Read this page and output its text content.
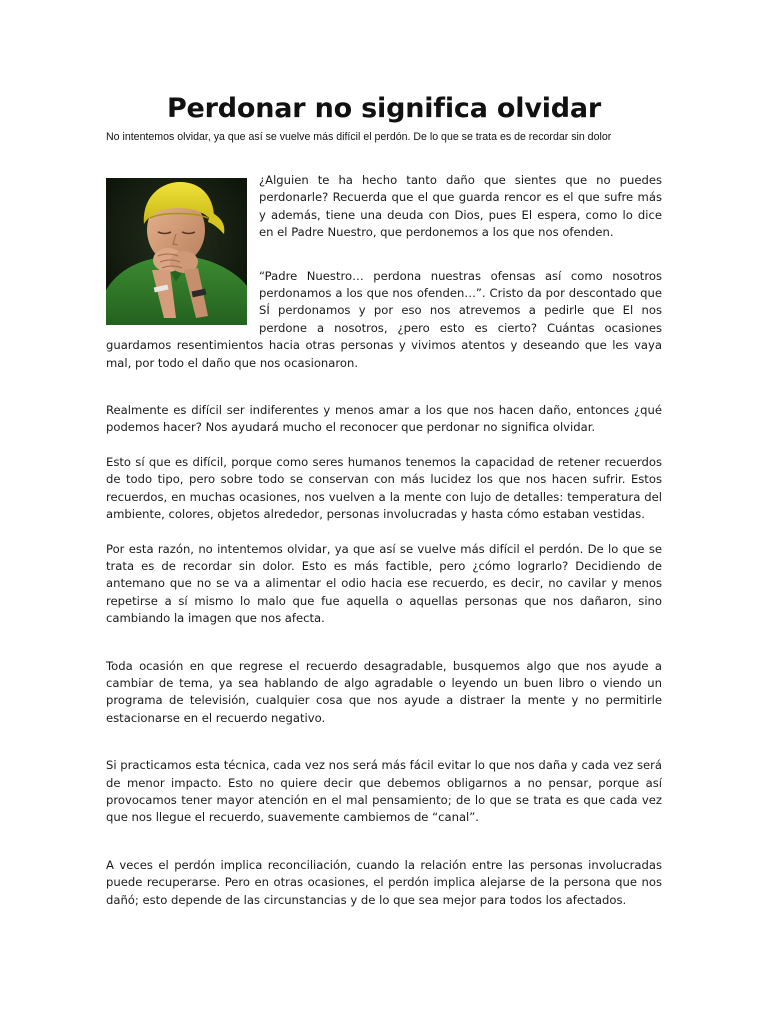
Perdonar no significa olvidar
No intentemos olvidar, ya que así se vuelve más difícil el perdón. De lo que se trata es de recordar sin dolor

¿Alguien te ha hecho tanto daño que sientes que no puedes perdonarle? Recuerda que el que guarda rencor es el que sufre más y además, tiene una deuda con Dios, pues El espera, como lo dice en el Padre Nuestro, que perdonemos a los que nos ofenden.

“Padre Nuestro… perdona nuestras ofensas así como nosotros perdonamos a los que nos ofenden…”. Cristo da por descontado que SÍ perdonamos y por eso nos atrevemos a pedirle que El nos perdone a nosotros, ¿pero esto es cierto? Cuántas ocasiones guardamos resentimientos hacia otras personas y vivimos atentos y deseando que les vaya mal, por todo el daño que nos ocasionaron.

Realmente es difícil ser indiferentes y menos amar a los que nos hacen daño, entonces ¿qué podemos hacer? Nos ayudará mucho el reconocer que perdonar no significa olvidar.

Esto sí que es difícil, porque como seres humanos tenemos la capacidad de retener recuerdos de todo tipo, pero sobre todo se conservan con más lucidez los que nos hacen sufrir. Estos recuerdos, en muchas ocasiones, nos vuelven a la mente con lujo de detalles: temperatura del ambiente, colores, objetos alrededor, personas involucradas y hasta cómo estaban vestidas.

Por esta razón, no intentemos olvidar, ya que así se vuelve más difícil el perdón. De lo que se trata es de recordar sin dolor. Esto es más factible, pero ¿cómo lograrlo? Decidiendo de antemano que no se va a alimentar el odio hacia ese recuerdo, es decir, no cavilar y menos repetirse a sí mismo lo malo que fue aquella o aquellas personas que nos dañaron, sino cambiando la imagen que nos afecta.

Toda ocasión en que regrese el recuerdo desagradable, busquemos algo que nos ayude a cambiar de tema, ya sea hablando de algo agradable o leyendo un buen libro o viendo un programa de televisión, cualquier cosa que nos ayude a distraer la mente y no permitirle estacionarse en el recuerdo negativo.

Si practicamos esta técnica, cada vez nos será más fácil evitar lo que nos daña y cada vez será de menor impacto. Esto no quiere decir que debemos obligarnos a no pensar, porque así provocamos tener mayor atención en el mal pensamiento; de lo que se trata es que cada vez que nos llegue el recuerdo, suavemente cambiemos de “canal”.

A veces el perdón implica reconciliación, cuando la relación entre las personas involucradas puede recuperarse. Pero en otras ocasiones, el perdón implica alejarse de la persona que nos dañó; esto depende de las circunstancias y de lo que sea mejor para todos los afectados.
